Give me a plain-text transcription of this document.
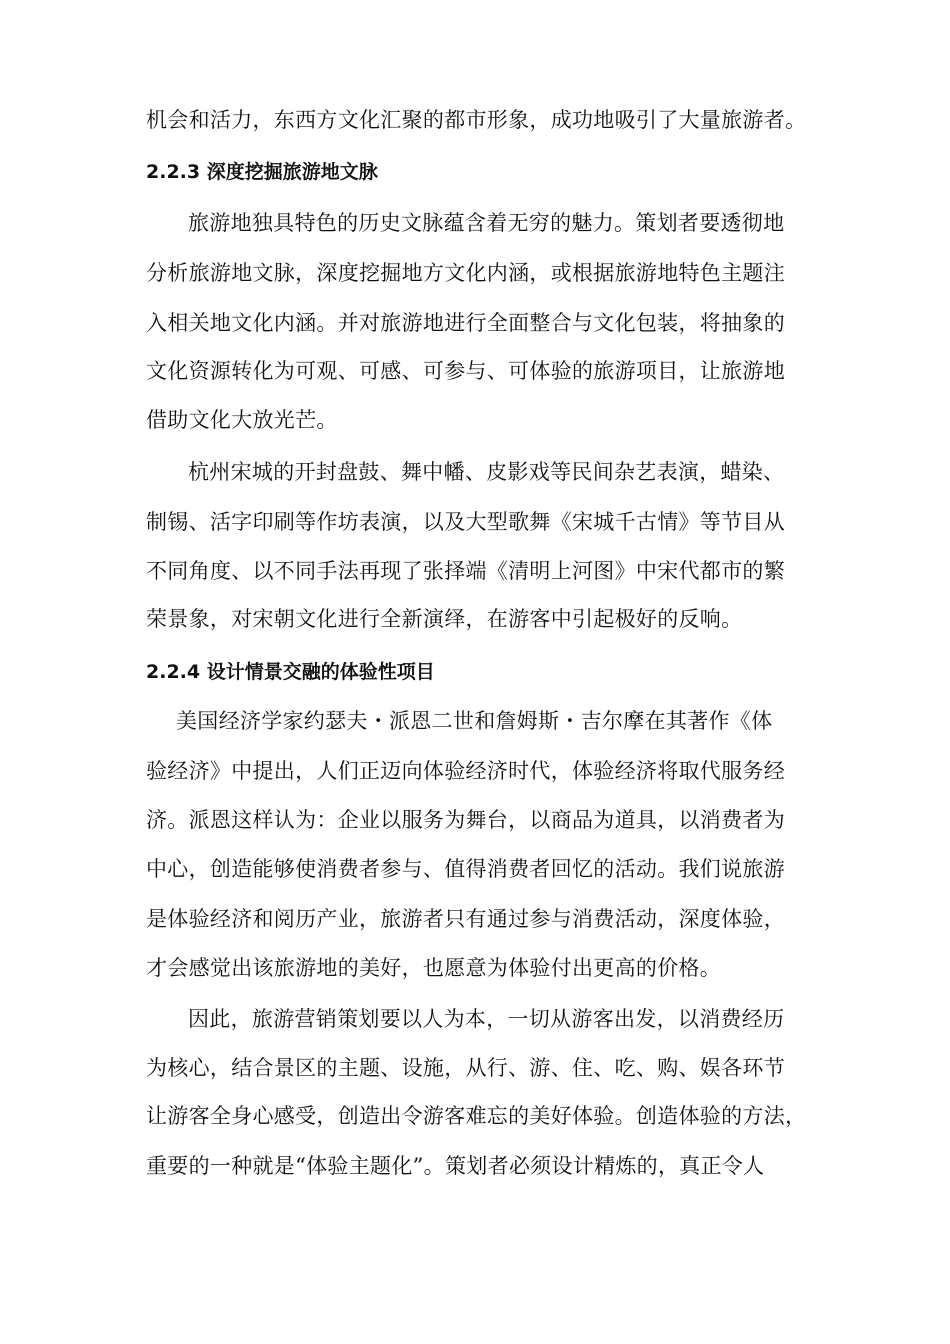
机会和活力，东西方文化汇聚的都市形象，成功地吸引了大量旅游者。
2.2.3 深度挖掘旅游地文脉
旅游地独具特色的历史文脉蕴含着无穷的魅力。策划者要透彻地
分析旅游地文脉，深度挖掘地方文化内涵，或根据旅游地特色主题注
入相关地文化内涵。并对旅游地进行全面整合与文化包装，将抽象的
文化资源转化为可观、可感、可参与、可体验的旅游项目，让旅游地
借助文化大放光芒。
杭州宋城的开封盘鼓、舞中幡、皮影戏等民间杂艺表演，蜡染、
制锡、活字印刷等作坊表演，以及大型歌舞《宋城千古情》等节目从
不同角度、以不同手法再现了张择端《清明上河图》中宋代都市的繁
荣景象，对宋朝文化进行全新演绎，在游客中引起极好的反响。
2.2.4 设计情景交融的体验性项目
美国经济学家约瑟夫・派恩二世和詹姆斯・吉尔摩在其著作《体
验经济》中提出，人们正迈向体验经济时代，体验经济将取代服务经
济。派恩这样认为：企业以服务为舞台，以商品为道具，以消费者为
中心，创造能够使消费者参与、值得消费者回忆的活动。我们说旅游
是体验经济和阅历产业，旅游者只有通过参与消费活动，深度体验，
才会感觉出该旅游地的美好，也愿意为体验付出更高的价格。
因此，旅游营销策划要以人为本，一切从游客出发，以消费经历
为核心，结合景区的主题、设施，从行、游、住、吃、购、娱各环节
让游客全身心感受，创造出令游客难忘的美好体验。创造体验的方法，
重要的一种就是“体验主题化”。策划者必须设计精炼的，真正令人
